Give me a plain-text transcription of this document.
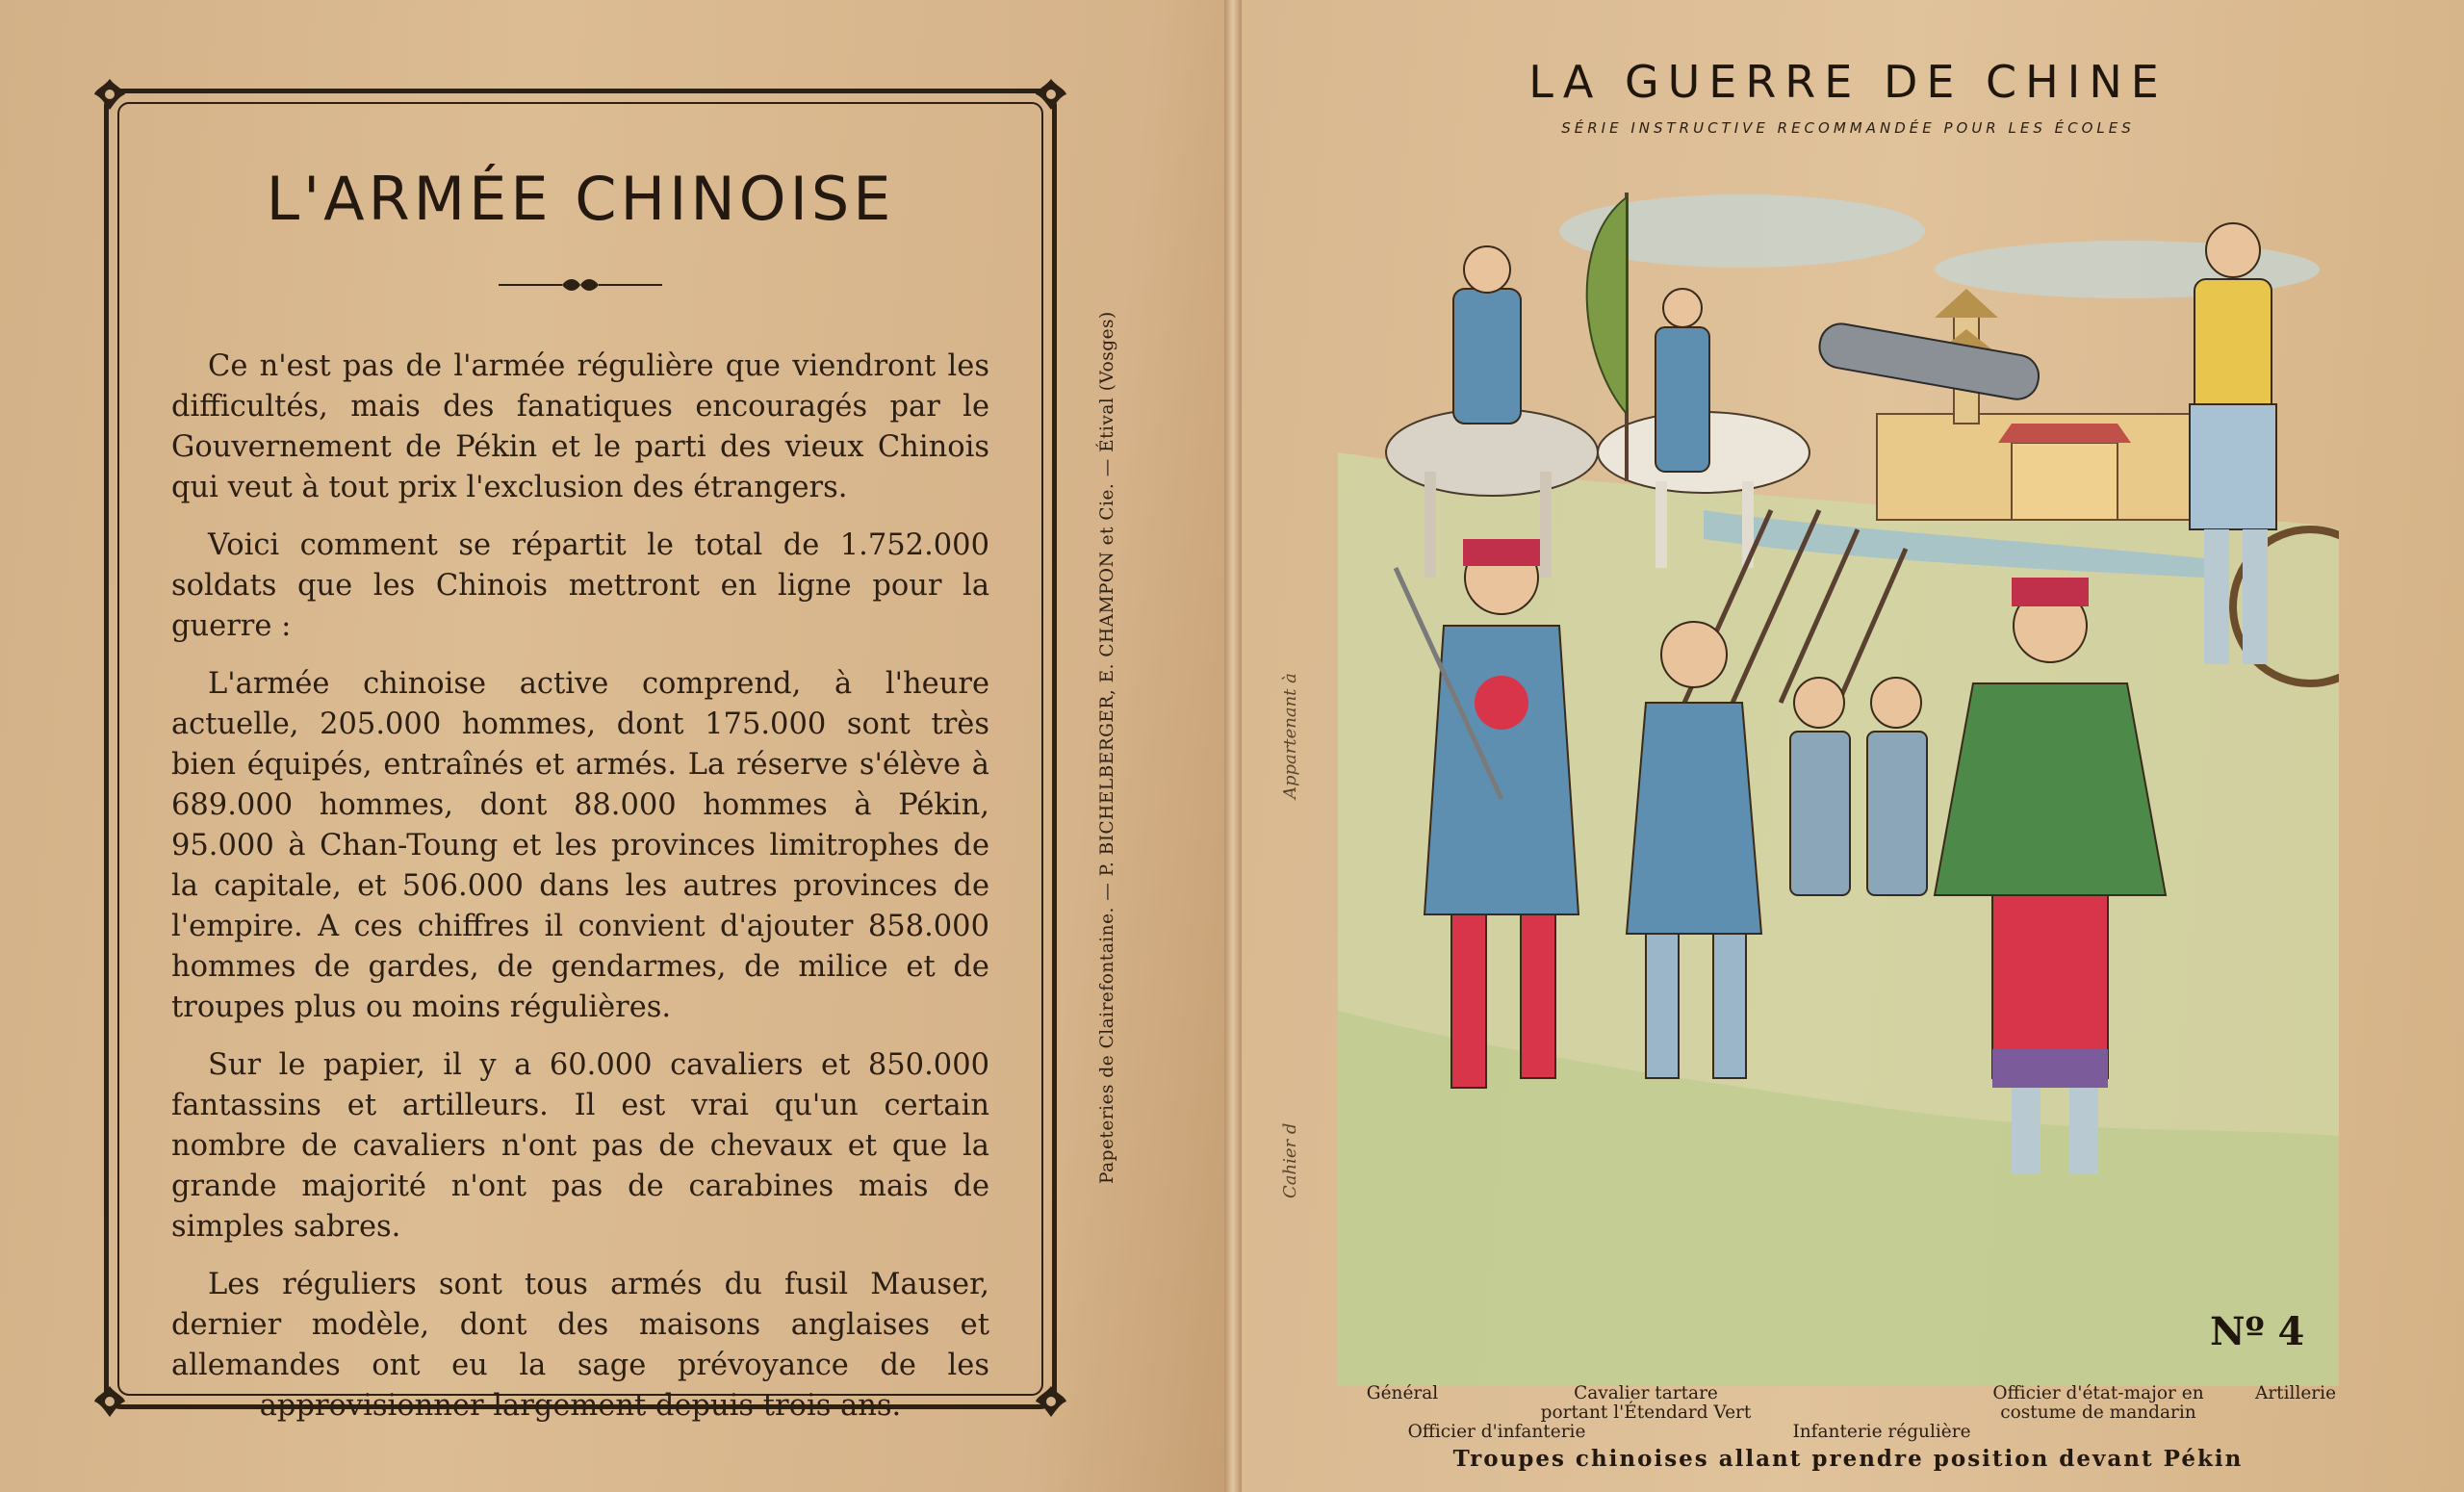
L'ARMÉE CHINOISE

Ce n'est pas de l'armée régulière que viendront les difficultés, mais des fanatiques encouragés par le Gouvernement de Pékin et le parti des vieux Chinois qui veut à tout prix l'exclusion des étrangers.

Voici comment se répartit le total de 1.752.000 soldats que les Chinois mettront en ligne pour la guerre :

L'armée chinoise active comprend, à l'heure actuelle, 205.000 hommes, dont 175.000 sont très bien équipés, entraînés et armés. La réserve s'élève à 689.000 hommes, dont 88.000 hommes à Pékin, 95.000 à Chan-Toung et les provinces limitrophes de la capitale, et 506.000 dans les autres provinces de l'empire. A ces chiffres il convient d'ajouter 858.000 hommes de gardes, de gendarmes, de milice et de troupes plus ou moins régulières.

Sur le papier, il y a 60.000 cavaliers et 850.000 fantassins et artilleurs. Il est vrai qu'un certain nombre de cavaliers n'ont pas de chevaux et que la grande majorité n'ont pas de carabines mais de simples sabres.

Les réguliers sont tous armés du fusil Mauser, dernier modèle, dont des maisons anglaises et allemandes ont eu la sage prévoyance de les approvisionner largement depuis trois ans.

Papeteries de Clairefontaine. — P. BICHELBERGER, E. CHAMPON et Cie. — Étival (Vosges)
LA GUERRE DE CHINE
SÉRIE INSTRUCTIVE RECOMMANDÉE POUR LES ÉCOLES
Appartenant à
Cahier d
Nº 4
Général	Cavalier tartare portant l'Étendard Vert
Officier d'infanterie	Infanterie régulière
Officier d'état-major en costume de mandarin
Artillerie
Troupes chinoises allant prendre position devant Pékin
